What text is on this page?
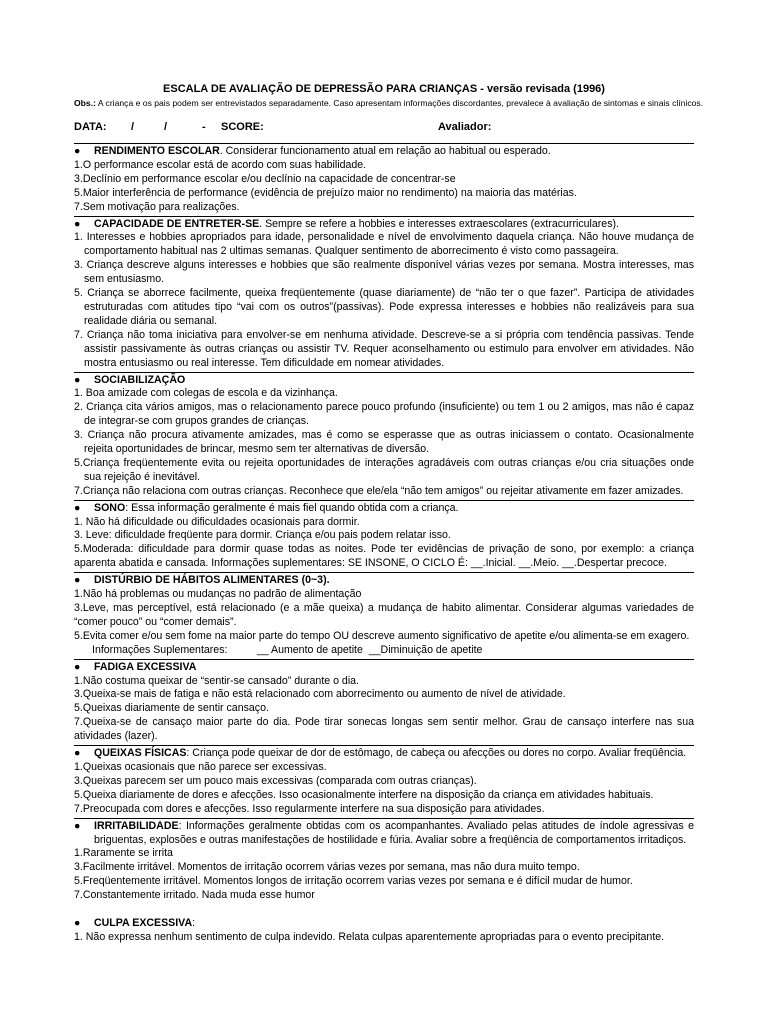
ESCALA DE AVALIAÇÃO DE DEPRESSÃO PARA CRIANÇAS - versão revisada (1996)
Obs.: A criança e os pais podem ser entrevistados separadamente. Caso apresentam informações discordantes, prevalece à avaliação de sintomas e sinais clínicos.
DATA: /	/	- SCORE:	Avaliador:
● RENDIMENTO ESCOLAR. Considerar funcionamento atual em relação ao habitual ou esperado.
1.O performance escolar está de acordo com suas habilidade.
3.Declínio em performance escolar e/ou declínio na capacidade de concentrar-se
5.Maior interferência de performance (evidência de prejuízo maior no rendimento) na maioria das matérias.
7.Sem motivação para realizações.
● CAPACIDADE DE ENTRETER-SE. Sempre se refere a hobbies e interesses extraescolares (extracurriculares).
1. Interesses e hobbies apropriados para idade, personalidade e nível de envolvimento daquela criança. Não houve mudança de comportamento habitual nas 2 ultimas semanas. Qualquer sentimento de aborrecimento é visto como passageira.
3. Criança descreve alguns interesses e hobbies que são realmente disponível várias vezes por semana. Mostra interesses, mas sem entusiasmo.
5. Criança se aborrece facilmente, queixa freqüentemente (quase diariamente) de “não ter o que fazer”. Participa de atividades estruturadas com atitudes tipo “vai com os outros”(passivas). Pode expressa interesses e hobbies não realizáveis para sua realidade diária ou semanal.
7. Criança não toma iniciativa para envolver-se em nenhuma atividade. Descreve-se a si própria com tendência passivas. Tende assistir passivamente às outras crianças ou assistir TV. Requer aconselhamento ou estimulo para envolver em atividades. Não mostra entusiasmo ou real interesse. Tem dificuldade em nomear atividades.
● SOCIABILIZAÇÃO
1. Boa amizade com colegas de escola e da vizinhança.
2. Criança cita vários amigos, mas o relacionamento parece pouco profundo (insuficiente) ou tem 1 ou 2 amigos, mas não é capaz de integrar-se com grupos grandes de crianças.
3. Criança não procura ativamente amizades, mas é como se esperasse que as outras iniciassem o contato. Ocasionalmente rejeita oportunidades de brincar, mesmo sem ter alternativas de diversão.
5.Criança freqüentemente evita ou rejeita oportunidades de interações agradáveis com outras crianças e/ou cria situações onde sua rejeição é inevitável.
7.Criança não relaciona com outras crianças. Reconhece que ele/ela “não tem amigos” ou rejeitar ativamente em fazer amizades.
● SONO: Essa informação geralmente é mais fiel quando obtida com a criança.
1. Não há dificuldade ou dificuldades ocasionais para dormir.
3. Leve: dificuldade freqüente para dormir. Criança e/ou pais podem relatar isso.
5.Moderada: dificuldade para dormir quase todas as noites. Pode ter evidências de privação de sono, por exemplo: a criança aparenta abatida e cansada. Informações suplementares: SE INSONE, O CICLO É: __.Inicial. __.Meio. __.Despertar precoce.
● DISTÚRBIO DE HÁBITOS ALIMENTARES (0~3).
1.Não há problemas ou mudanças no padrão de alimentação
3.Leve, mas perceptível, está relacionado (e a mãe queixa) a mudança de habito alimentar. Considerar algumas variedades de “comer pouco” ou “comer demais”.
5.Evita comer e/ou sem fome na maior parte do tempo OU descreve aumento significativo de apetite e/ou alimenta-se em exagero.
Informações Suplementares:          __ Aumento de apetite  __Diminuição de apetite
● FADIGA EXCESSIVA
1.Não costuma queixar de “sentir-se cansado” durante o dia.
3.Queixa-se mais de fatiga e não está relacionado com aborrecimento ou aumento de nível de atividade.
5.Queixas diariamente de sentir cansaço.
7.Queixa-se de cansaço maior parte do dia. Pode tirar sonecas longas sem sentir melhor. Grau de cansaço interfere nas sua atividades (lazer).
● QUEIXAS FÍSICAS: Criança pode queixar de dor de estômago, de cabeça ou afecções ou dores no corpo. Avaliar freqüência.
1.Queixas ocasionais que não parece ser excessivas.
3.Queixas parecem ser um pouco mais excessivas (comparada com outras crianças).
5.Queixa diariamente de dores e afecções. Isso ocasionalmente interfere na disposição da criança em atividades habituais.
7.Preocupada com dores e afecções. Isso regularmente interfere na sua disposição para atividades.
● IRRITABILIDADE: Informações geralmente obtidas com os acompanhantes. Avaliado pelas atitudes de índole agressivas e briguentas, explosões e outras manifestações de hostilidade e fúria. Avaliar sobre a freqüência de comportamentos irritadiços.
1.Raramente se irrita
3.Facilmente irritável. Momentos de irritação ocorrem várias vezes por semana, mas não dura muito tempo.
5.Freqüentemente irritável. Momentos longos de irritação ocorrem varias vezes por semana e é difícil mudar de humor.
7.Constantemente irritado. Nada muda esse humor
● CULPA EXCESSIVA:
1. Não expressa nenhum sentimento de culpa indevido. Relata culpas aparentemente apropriadas para o evento precipitante.
